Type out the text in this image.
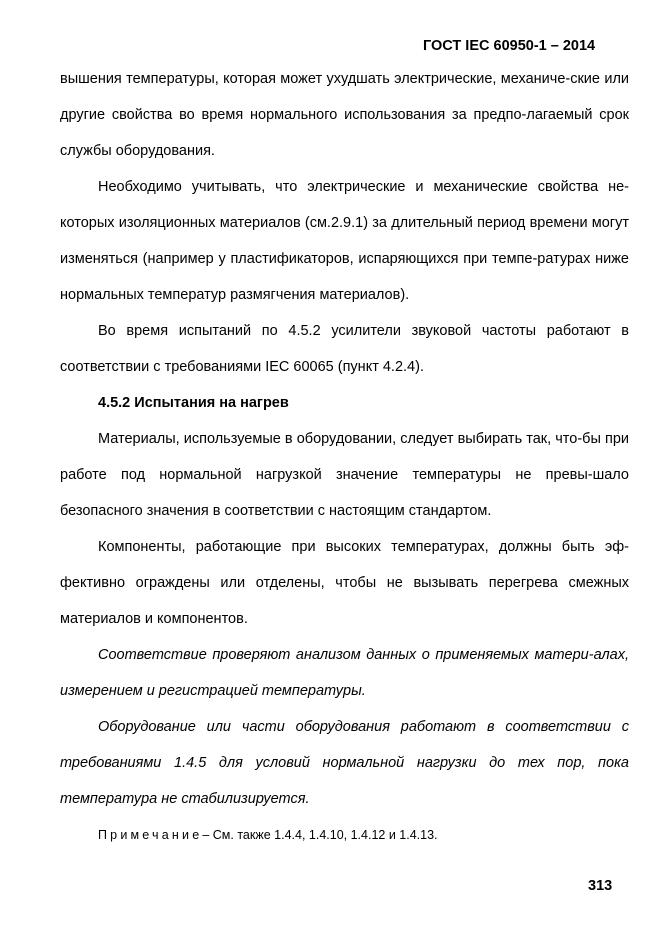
ГОСТ IEC 60950-1 – 2014

вышения температуры, которая может ухудшать электрические, механиче-ские или другие свойства во время нормального использования за предпо-лагаемый срок службы оборудования.

Необходимо учитывать, что электрические и механические свойства не-которых изоляционных материалов (см.2.9.1) за длительный период времени могут изменяться (например у пластификаторов, испаряющихся при темпе-ратурах ниже нормальных температур размягчения материалов).

Во время испытаний по 4.5.2 усилители звуковой частоты работают в соответствии с требованиями IEC 60065 (пункт 4.2.4).

4.5.2 Испытания на нагрев

Материалы, используемые в оборудовании, следует выбирать так, что-бы при работе под нормальной нагрузкой значение температуры не превы-шало безопасного значения в соответствии с настоящим стандартом.

Компоненты, работающие при высоких температурах, должны быть эф-фективно ограждены или отделены, чтобы не вызывать перегрева смежных материалов и компонентов.

Соответствие проверяют анализом данных о применяемых матери-алах, измерением и регистрацией температуры.

Оборудование или части оборудования работают в соответствии с требованиями 1.4.5 для условий нормальной нагрузки до тех пор, пока температура не стабилизируется.

Примечание– См. также 1.4.4, 1.4.10, 1.4.12 и 1.4.13.

313
